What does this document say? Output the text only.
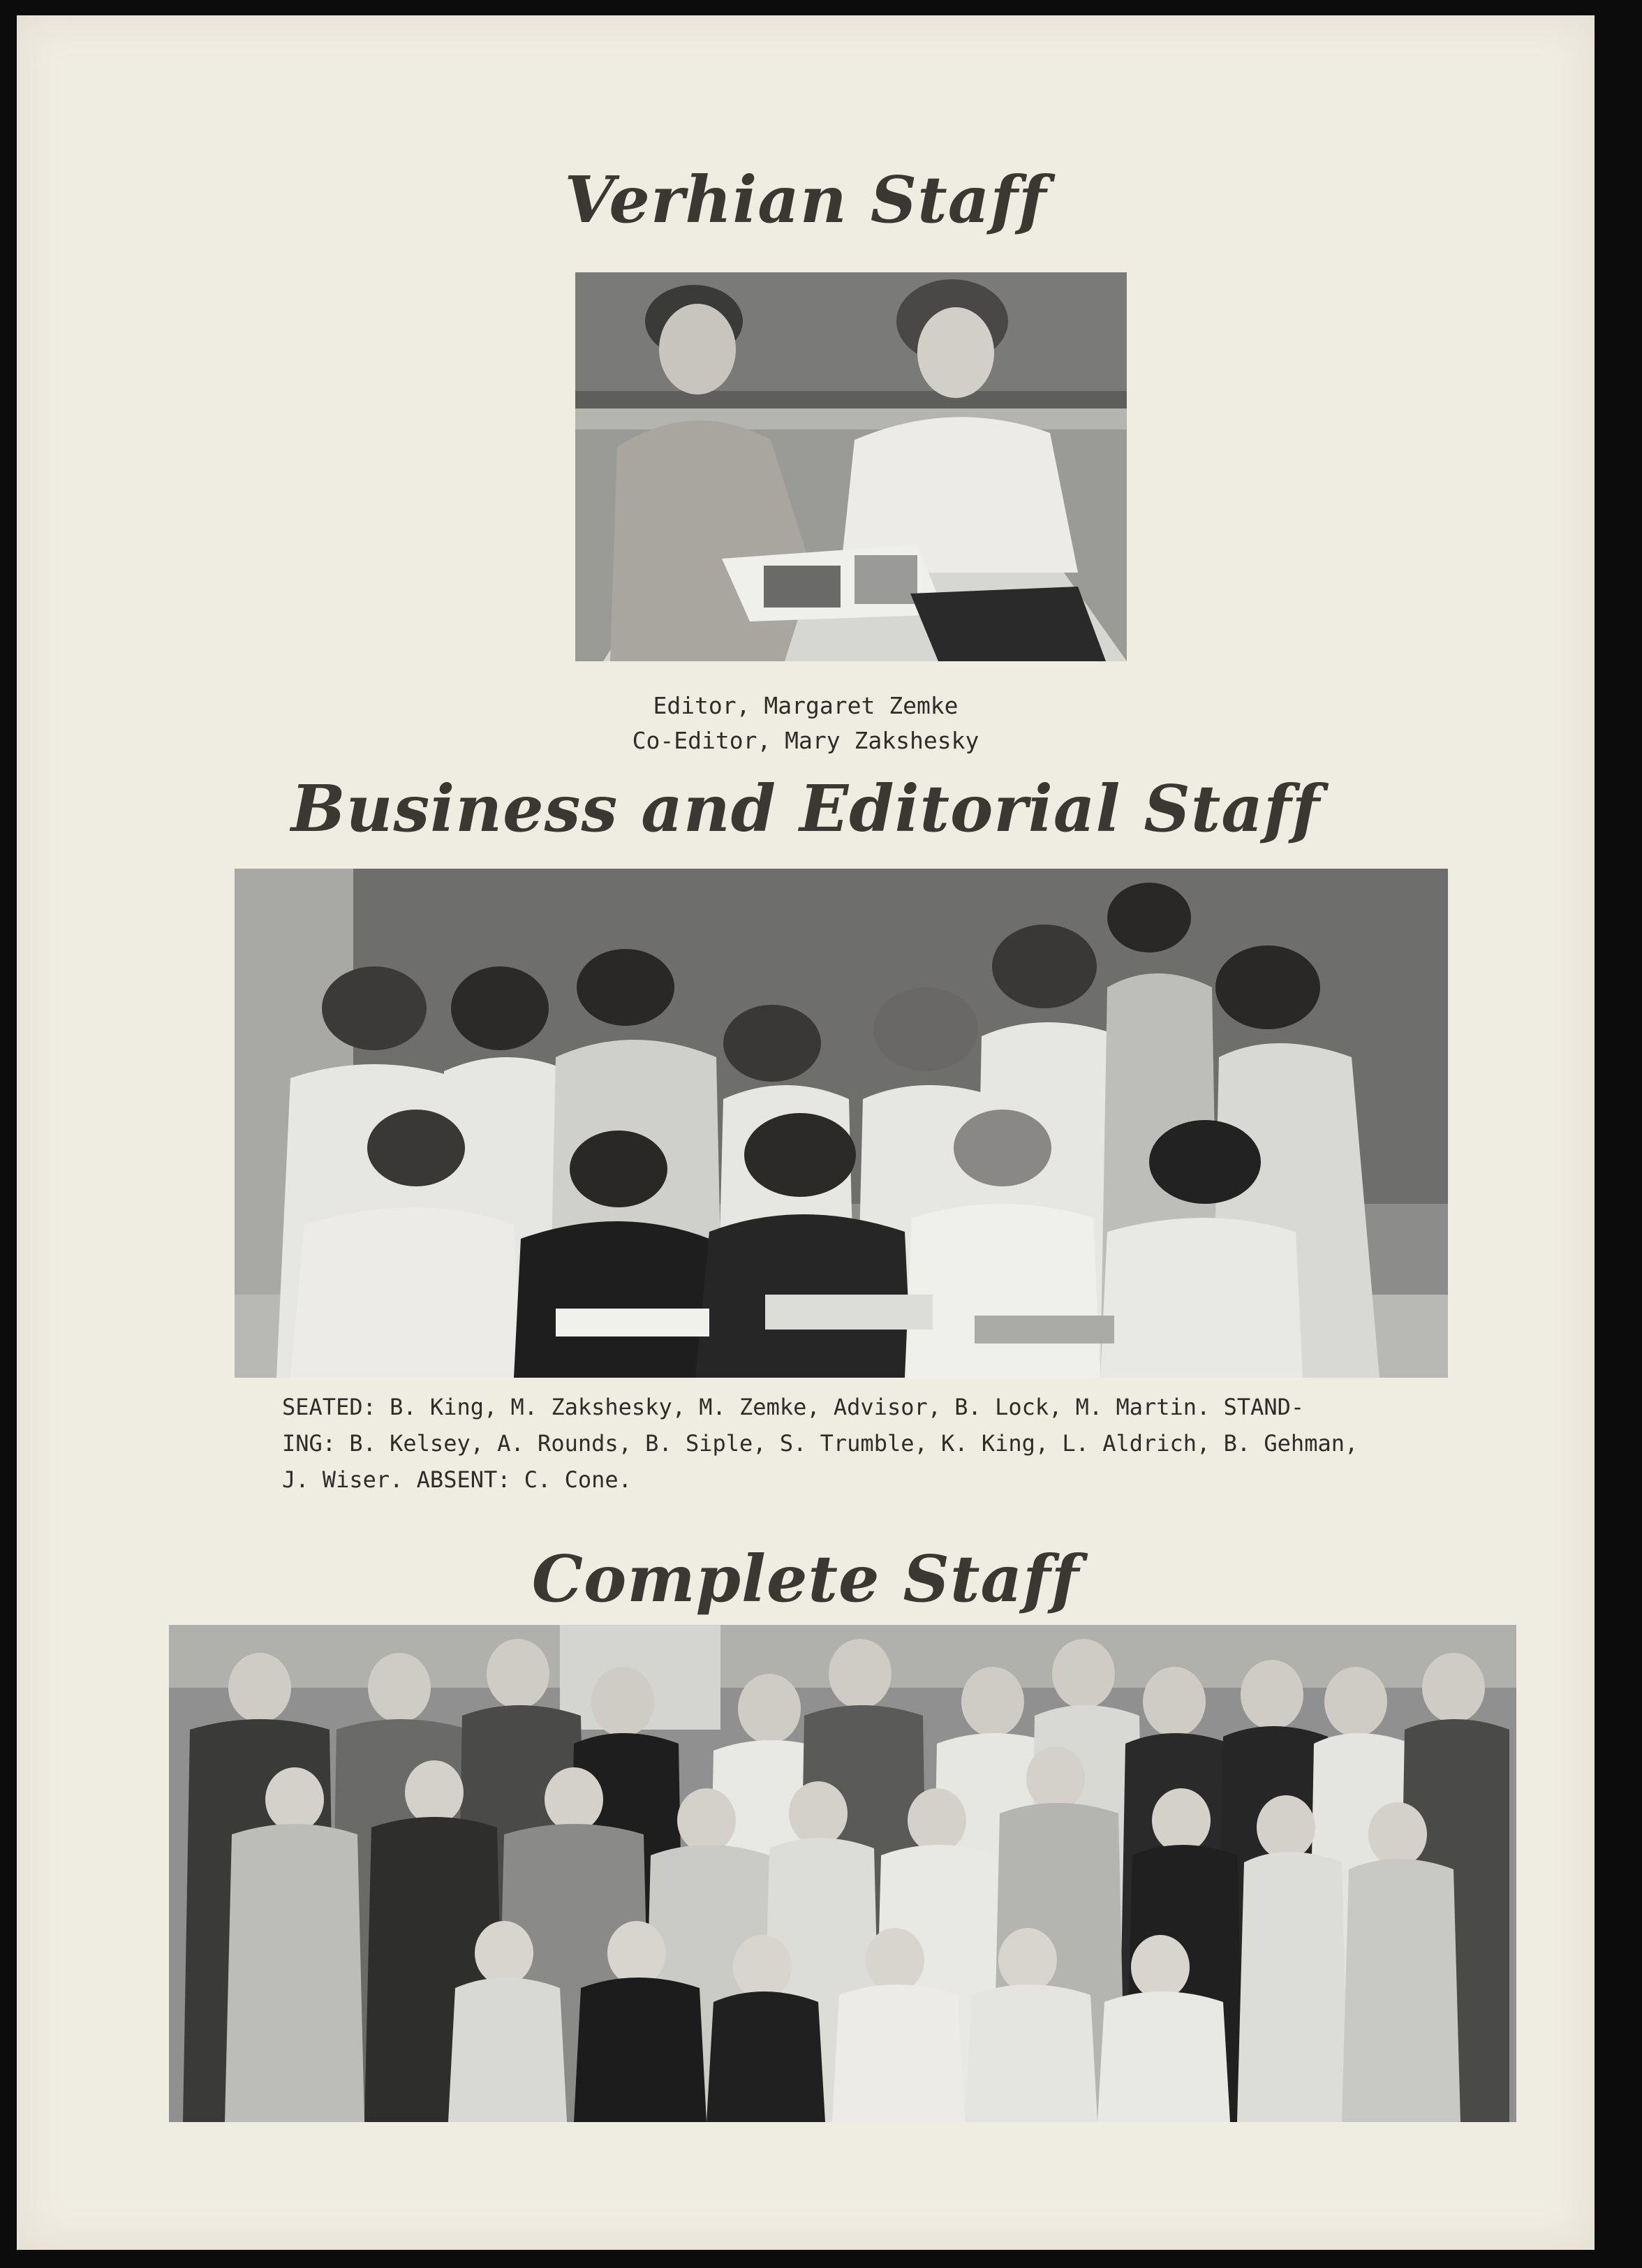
Verhian Staff
Editor, Margaret Zemke
Co-Editor, Mary Zakshesky
Business and Editorial Staff
SEATED: B. King, M. Zakshesky, M. Zemke, Advisor, B. Lock, M. Martin. STAND-
ING: B. Kelsey, A. Rounds, B. Siple, S. Trumble, K. King, L. Aldrich, B. Gehman,
J. Wiser. ABSENT: C. Cone.
Complete Staff
